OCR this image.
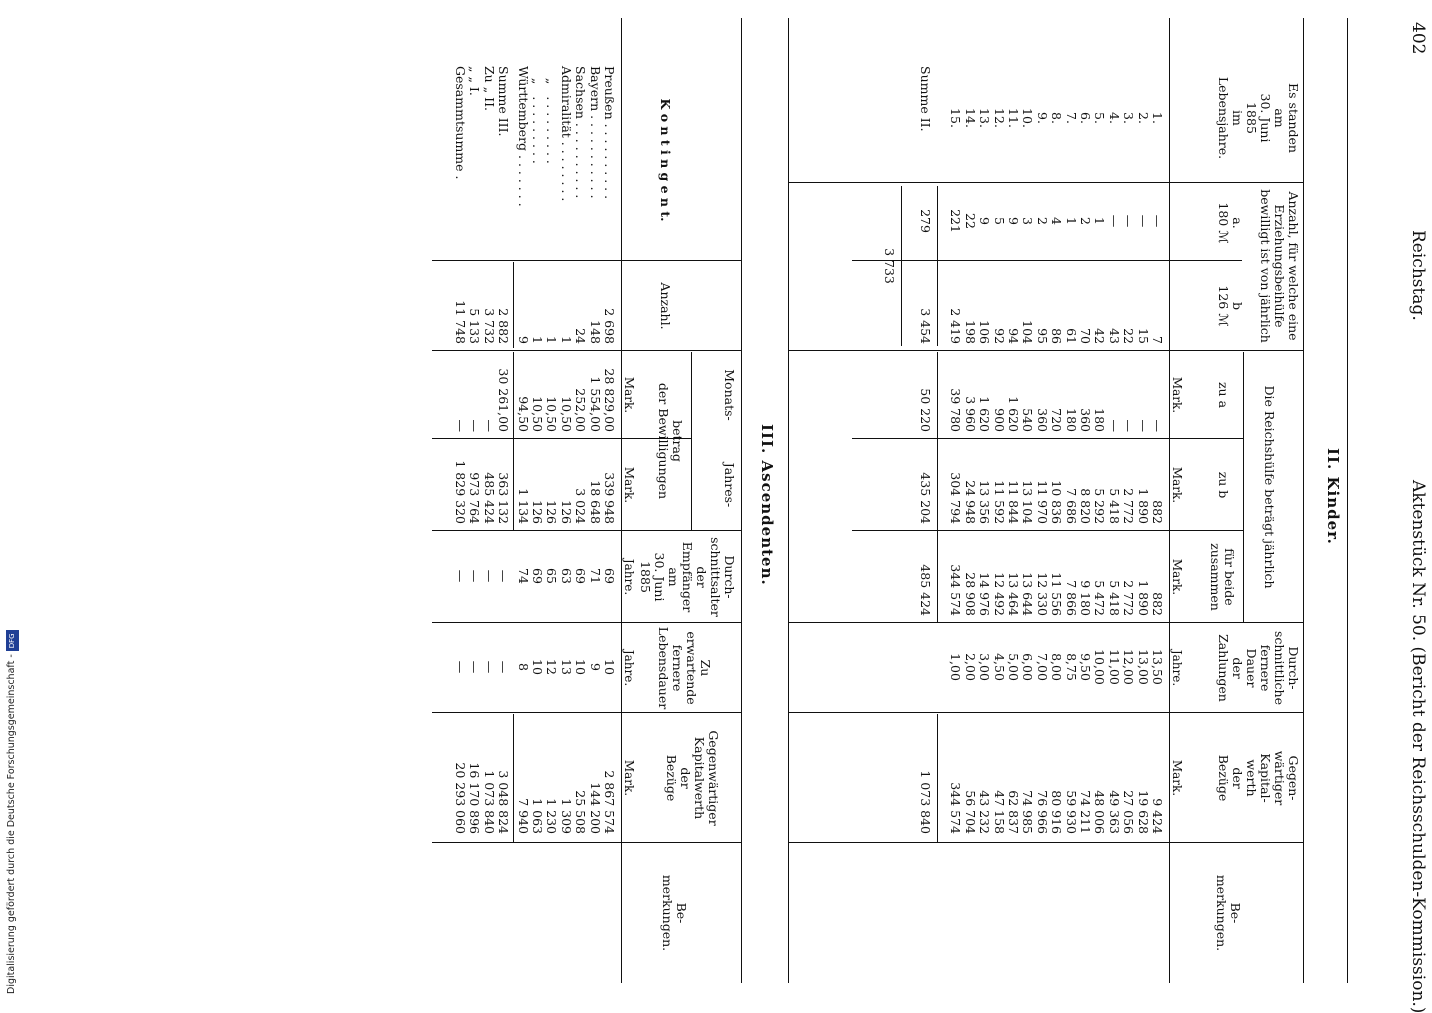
402
Reichstag.
Aktenstück Nr. 50. (Bericht der Reichsschulden-Kommission.)
II. Kinder.
Es standen
am
30. Juni
1885
im
Lebensjahre.
Anzahl, für welche eine
Erziehungsbeihülfe
bewilligt ist von jährlich
a.
180 ℳ
b
126 ℳ
Die Reichshülfe beträgt jährlich
zu a
zu b
für beide
zusammen
Durch-
schnittliche
fernere
Dauer
der
Zahlungen
Gegen-
wärtiger
Kapital-
werth
der
Bezüge
Be-
merkungen.
Mark.
Mark.
Mark.
Jahre.
Mark.
1.
2.
3.
4.
5.
6.
7.
8.
9.
10.
11.
12.
13.
14.
15.
—
—
—
—
1
2
1
4
2
3
9
5
9
22
221
7
15
22
43
42
70
61
86
95
104
94
92
106
198
2 419
—
—
—
—
180
360
180
720
360
540
1 620
900
1 620
3 960
39 780
882
1 890
2 772
5 418
5 292
8 820
7 686
10 836
11 970
13 104
11 844
11 592
13 356
24 948
304 794
882
1 890
2 772
5 418
5 472
9 180
7 866
11 556
12 330
13 644
13 464
12 492
14 976
28 908
344 574
13,50
13,00
12,00
11,00
10,00
9,50
8,75
8,00
7,00
6,00
5,00
4,50
3,00
2,00
1,00
9 424
19 628
27 056
49 363
48 006
74 211
59 930
80 916
76 966
74 985
62 837
47 158
43 232
56 704
344 574
Summe II.
279
3 454
50 220
435 204
485 424
1 073 840
3 733
III. Ascendenten.
K o n t i n g e n t.
Anzahl.
Monats-
Jahres-
betrag
der Bewilligungen
Durch-
schnittsalter
der
Empfänger
am
30. Juni
1885
Zu
erwartende
fernere
Lebensdauer
Gegenwärtiger
Kapitalwerth
der
Bezüge
Be-
merkungen.
Mark.
Mark.
Jahre.
Jahre.
Mark.
Preußen . . . . . . . . . .
Bayern . . . . . . . . . . .
Sachsen . . . . . . . . . .
Admiralität . . . . . . . .
„   . . . . . . . . .
„   . . . . . . . . .
Württemberg . . . . . . .
2 698
148
24
1
1
1
9
28 829,00
1 554,00
252,00
10,50
10,50
10,50
94,50
339 948
18 648
3 024
126
126
126
1 134
69
71
69
63
65
69
74
10
9
10
13
12
10
8
2 867 574
144 200
25 508
1 309
1 230
1 063
7 940
Summe III.
Zu „ II.
„ „ I.
Gesammtsumme .
2 882
3 732
5 133
11 748
30 261,00
—
—
—
363 132
485 424
973 764
1 829 320
—
—
—
—
—
—
—
—
3 048 824
1 073 840
16 170 896
20 293 060
Digitalisierung gefördert durch die Deutsche Forschungsgemeinschaft -DFG
